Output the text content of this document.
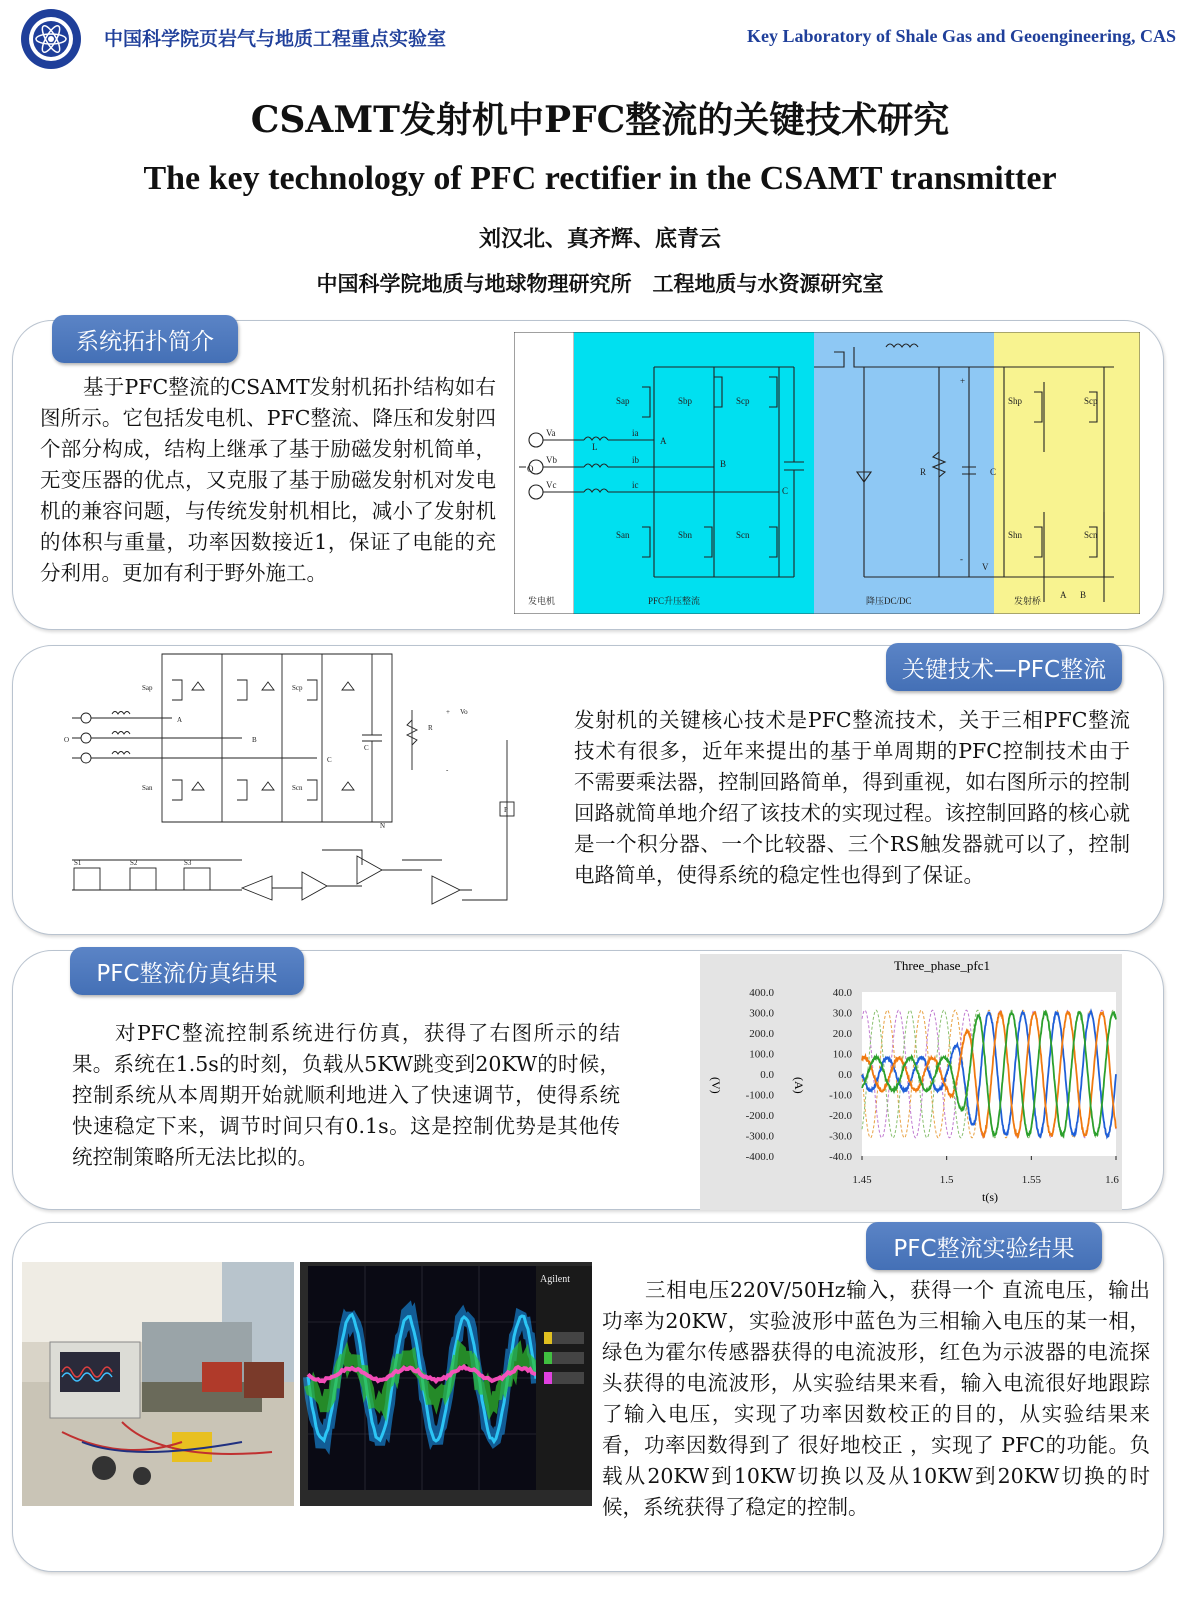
中国科学院页岩气与地质工程重点实验室	Key Laboratory of Shale Gas and Geoengineering, CAS
CSAMT发射机中PFC整流的关键技术研究
The key technology of PFC rectifier in the CSAMT transmitter
刘汉北、真齐辉、底青云
中国科学院地质与地球物理研究所　工程地质与水资源研究室
系统拓扑简介

基于PFC整流的CSAMT发射机拓扑结构如右图所示。它包括发电机、PFC整流、降压和发射四个部分构成，结构上继承了基于励磁发射机简单，无变压器的优点，又克服了基于励磁发射机对发电机的兼容问题，与传统发射机相比，减小了发射机的体积与重量，功率因数接近1，保证了电能的充分利用。更加有利于野外施工。

O
Va
Vb
Vc
L
ia
ib
ic
A
B
C
Sap	Sbp	Scp
San	Sbn	Scn
R	C
+
-
V
Shp	Scp
Shn	Scn
A B
发电机	PFC升压整流	降压DC/DC	发射桥
关键技术—PFC整流

发射机的关键核心技术是PFC整流技术，关于三相PFC整流技术有很多，近年来提出的基于单周期的PFC控制技术由于不需要乘法器，控制回路简单，得到重视，如右图所示的控制回路就简单地介绍了该技术的实现过程。该控制回路的核心就是一个积分器、一个比较器、三个RS触发器就可以了，控制电路简单，使得系统的稳定性也得到了保证。

Sap
San
Scp
Scn
B
C
A
O
C
R
Vo
+
-
N
P
S1	S2	S3
PFC整流仿真结果

对PFC整流控制系统进行仿真，获得了右图所示的结果。系统在1.5s的时刻，负载从5KW跳变到20KW的时候，控制系统从本周期开始就顺利地进入了快速调节，使得系统快速稳定下来，调节时间只有0.1s。这是控制优势是其他传统控制策略所无法比拟的。

Three_phase_pfc1
400.0
300.0
200.0
100.0
0.0
-100.0
-200.0
-300.0
-400.0
40.0
30.0
20.0
10.0
0.0
-10.0
-20.0
-30.0
-40.0
1.45	1.5	1.55	1.6
(V)	(A)
t(s)
PFC整流实验结果

三相电压220V/50Hz输入，获得一个 直流电压，输出功率为20KW，实验波形中蓝色为三相输入电压的某一相，绿色为霍尔传感器获得的电流波形，红色为示波器的电流探头获得的电流波形，从实验结果来看，输入电流很好地跟踪了输入电压，实现了功率因数校正的目的，从实验结果来看，功率因数得到了 很好地校正 ，实现了 PFC的功能。负载从20KW到10KW切换以及从10KW到20KW切换的时候，系统获得了稳定的控制。

Agilent
